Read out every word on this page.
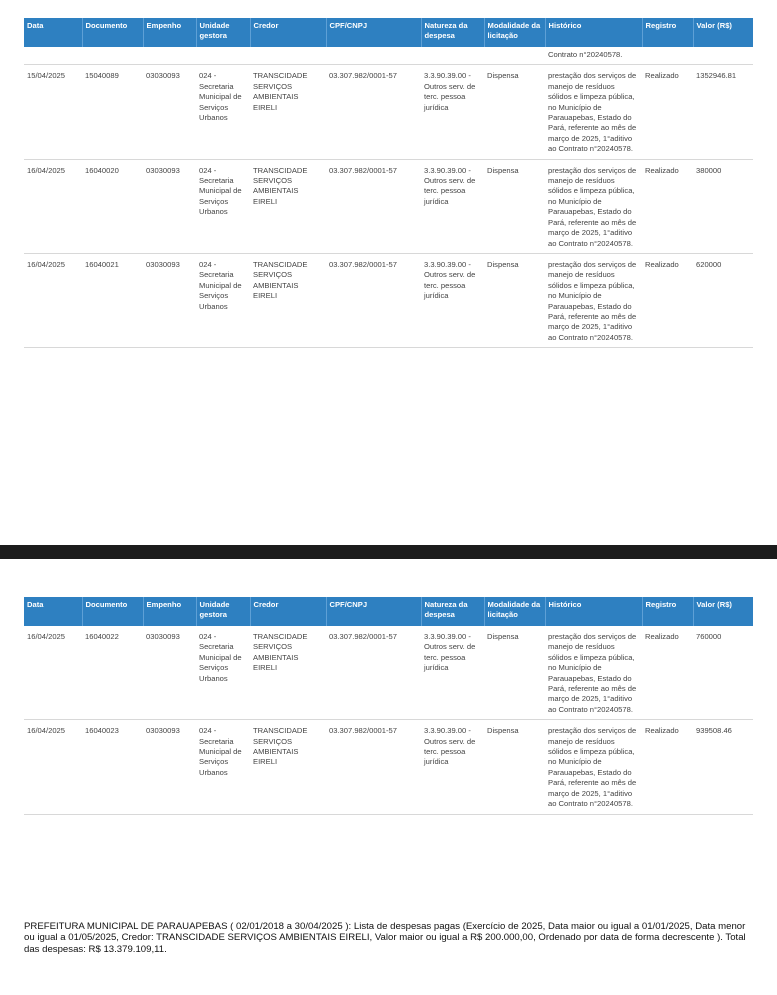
Data	Documento	Empenho	Unidade gestora	Credor	CPF/CNPJ	Natureza da despesa	Modalidade da licitação	Histórico	Registro	Valor (R$)
								Contrato n°20240578.		
15/04/2025	15040089	03030093	024 - Secretaria Municipal de Serviços Urbanos	TRANSCIDADE SERVIÇOS AMBIENTAIS EIRELI	03.307.982/0001-57	3.3.90.39.00 - Outros serv. de terc. pessoa jurídica	Dispensa	prestação dos serviços de manejo de resíduos sólidos e limpeza pública, no Município de Parauapebas, Estado do Pará, referente ao mês de março de 2025, 1°aditivo ao Contrato n°20240578.	Realizado	1352946.81
16/04/2025	16040020	03030093	024 - Secretaria Municipal de Serviços Urbanos	TRANSCIDADE SERVIÇOS AMBIENTAIS EIRELI	03.307.982/0001-57	3.3.90.39.00 - Outros serv. de terc. pessoa jurídica	Dispensa	prestação dos serviços de manejo de resíduos sólidos e limpeza pública, no Município de Parauapebas, Estado do Pará, referente ao mês de março de 2025, 1°aditivo ao Contrato n°20240578.	Realizado	380000
16/04/2025	16040021	03030093	024 - Secretaria Municipal de Serviços Urbanos	TRANSCIDADE SERVIÇOS AMBIENTAIS EIRELI	03.307.982/0001-57	3.3.90.39.00 - Outros serv. de terc. pessoa jurídica	Dispensa	prestação dos serviços de manejo de resíduos sólidos e limpeza pública, no Município de Parauapebas, Estado do Pará, referente ao mês de março de 2025, 1°aditivo ao Contrato n°20240578.	Realizado	620000
Data	Documento	Empenho	Unidade gestora	Credor	CPF/CNPJ	Natureza da despesa	Modalidade da licitação	Histórico	Registro	Valor (R$)
16/04/2025	16040022	03030093	024 - Secretaria Municipal de Serviços Urbanos	TRANSCIDADE SERVIÇOS AMBIENTAIS EIRELI	03.307.982/0001-57	3.3.90.39.00 - Outros serv. de terc. pessoa jurídica	Dispensa	prestação dos serviços de manejo de resíduos sólidos e limpeza pública, no Município de Parauapebas, Estado do Pará, referente ao mês de março de 2025, 1°aditivo ao Contrato n°20240578.	Realizado	760000
16/04/2025	16040023	03030093	024 - Secretaria Municipal de Serviços Urbanos	TRANSCIDADE SERVIÇOS AMBIENTAIS EIRELI	03.307.982/0001-57	3.3.90.39.00 - Outros serv. de terc. pessoa jurídica	Dispensa	prestação dos serviços de manejo de resíduos sólidos e limpeza pública, no Município de Parauapebas, Estado do Pará, referente ao mês de março de 2025, 1°aditivo ao Contrato n°20240578.	Realizado	939508.46
PREFEITURA MUNICIPAL DE PARAUAPEBAS ( 02/01/2018 a 30/04/2025 ): Lista de despesas pagas (Exercício de 2025, Data maior ou igual a 01/01/2025, Data menor ou igual a 01/05/2025, Credor: TRANSCIDADE SERVIÇOS AMBIENTAIS EIRELI, Valor maior ou igual a R$ 200.000,00, Ordenado por data de forma decrescente ). Total das despesas: R$ 13.379.109,11.
